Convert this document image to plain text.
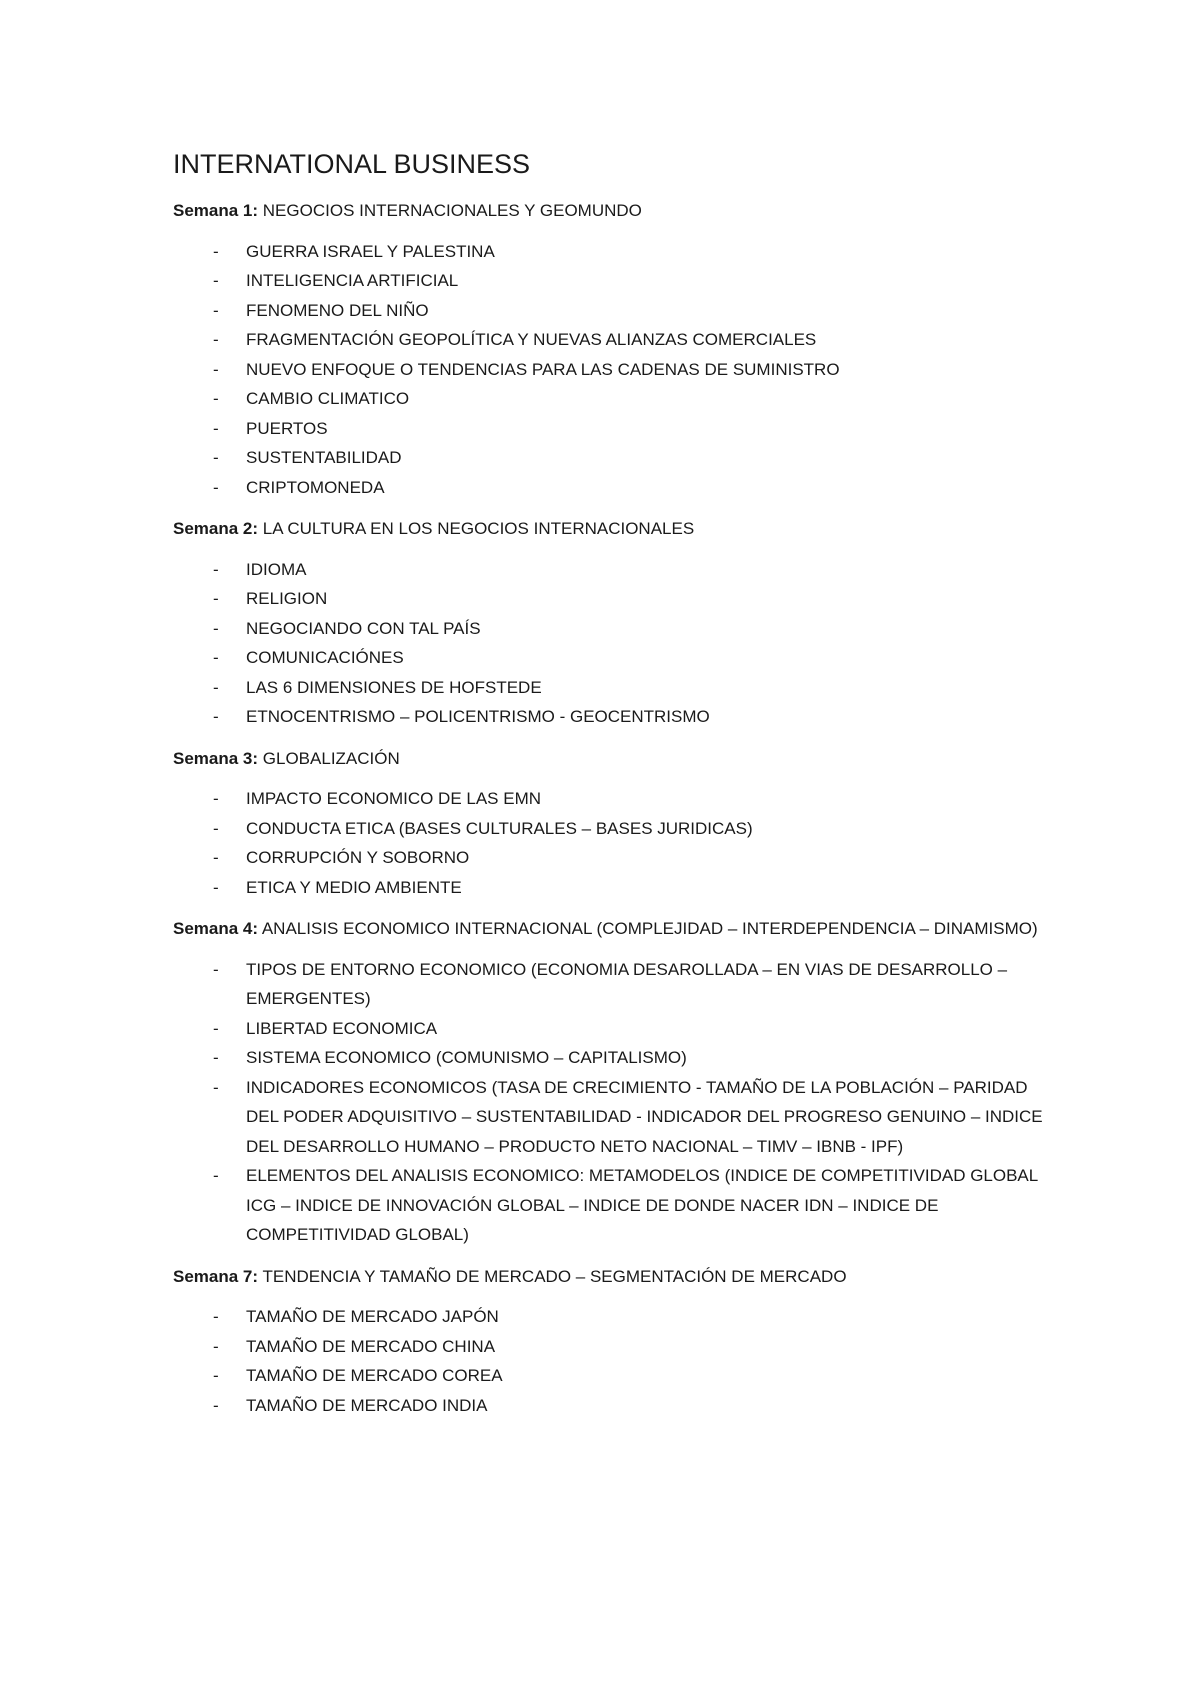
INTERNATIONAL BUSINESS

Semana 1: NEGOCIOS INTERNACIONALES Y GEOMUNDO

- GUERRA ISRAEL Y PALESTINA
- INTELIGENCIA ARTIFICIAL
- FENOMENO DEL NIÑO
- FRAGMENTACIÓN GEOPOLÍTICA Y NUEVAS ALIANZAS COMERCIALES
- NUEVO ENFOQUE O TENDENCIAS PARA LAS CADENAS DE SUMINISTRO
- CAMBIO CLIMATICO
- PUERTOS
- SUSTENTABILIDAD
- CRIPTOMONEDA

Semana 2: LA CULTURA EN LOS NEGOCIOS INTERNACIONALES

- IDIOMA
- RELIGION
- NEGOCIANDO CON TAL PAÍS
- COMUNICACIÓNES
- LAS 6 DIMENSIONES DE HOFSTEDE
- ETNOCENTRISMO – POLICENTRISMO - GEOCENTRISMO

Semana 3: GLOBALIZACIÓN

- IMPACTO ECONOMICO DE LAS EMN
- CONDUCTA ETICA (BASES CULTURALES – BASES JURIDICAS)
- CORRUPCIÓN Y SOBORNO
- ETICA Y MEDIO AMBIENTE

Semana 4: ANALISIS ECONOMICO INTERNACIONAL (COMPLEJIDAD – INTERDEPENDENCIA – DINAMISMO)

- TIPOS DE ENTORNO ECONOMICO (ECONOMIA DESAROLLADA – EN VIAS DE DESARROLLO – EMERGENTES)
- LIBERTAD ECONOMICA
- SISTEMA ECONOMICO (COMUNISMO – CAPITALISMO)
- INDICADORES ECONOMICOS (TASA DE CRECIMIENTO - TAMAÑO DE LA POBLACIÓN – PARIDAD DEL PODER ADQUISITIVO – SUSTENTABILIDAD - INDICADOR DEL PROGRESO GENUINO – INDICE DEL DESARROLLO HUMANO – PRODUCTO NETO NACIONAL – TIMV – IBNB - IPF)
- ELEMENTOS DEL ANALISIS ECONOMICO: METAMODELOS (INDICE DE COMPETITIVIDAD GLOBAL ICG – INDICE DE INNOVACIÓN GLOBAL – INDICE DE DONDE NACER IDN – INDICE DE COMPETITIVIDAD GLOBAL)

Semana 7: TENDENCIA Y TAMAÑO DE MERCADO – SEGMENTACIÓN DE MERCADO

- TAMAÑO DE MERCADO JAPÓN
- TAMAÑO DE MERCADO CHINA
- TAMAÑO DE MERCADO COREA
- TAMAÑO DE MERCADO INDIA
